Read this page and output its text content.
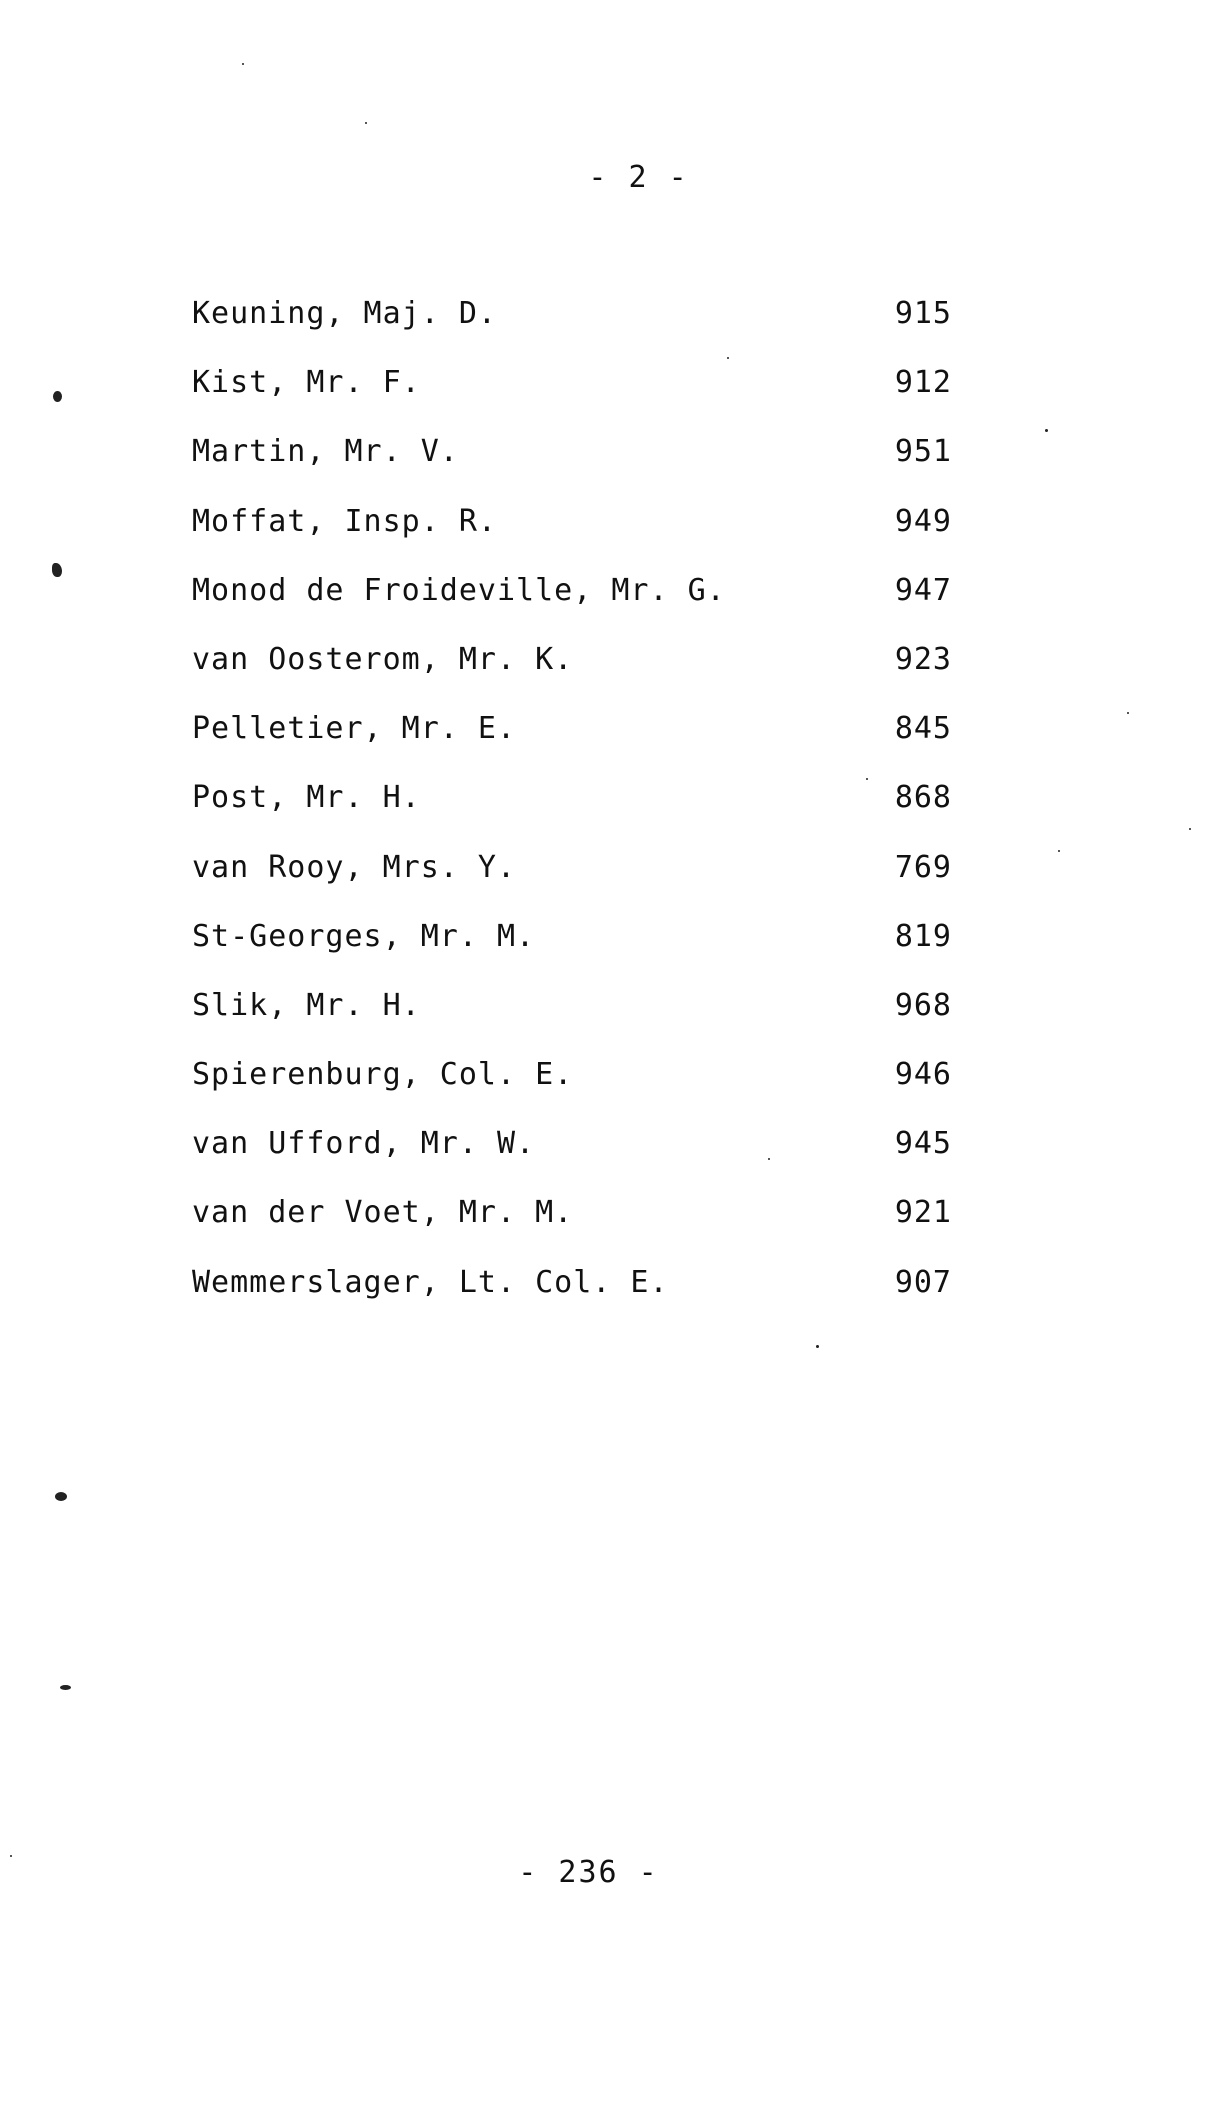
- 2 -
Keuning, Maj. D.	915
Kist, Mr. F.	912
Martin, Mr. V.	951
Moffat, Insp. R.	949
Monod de Froideville, Mr. G.	947
van Oosterom, Mr. K.	923
Pelletier, Mr. E.	845
Post, Mr. H.	868
van Rooy, Mrs. Y.	769
St-Georges, Mr. M.	819
Slik, Mr. H.	968
Spierenburg, Col. E.	946
van Ufford, Mr. W.	945
van der Voet, Mr. M.	921
Wemmerslager, Lt. Col. E.	907
- 236 -
